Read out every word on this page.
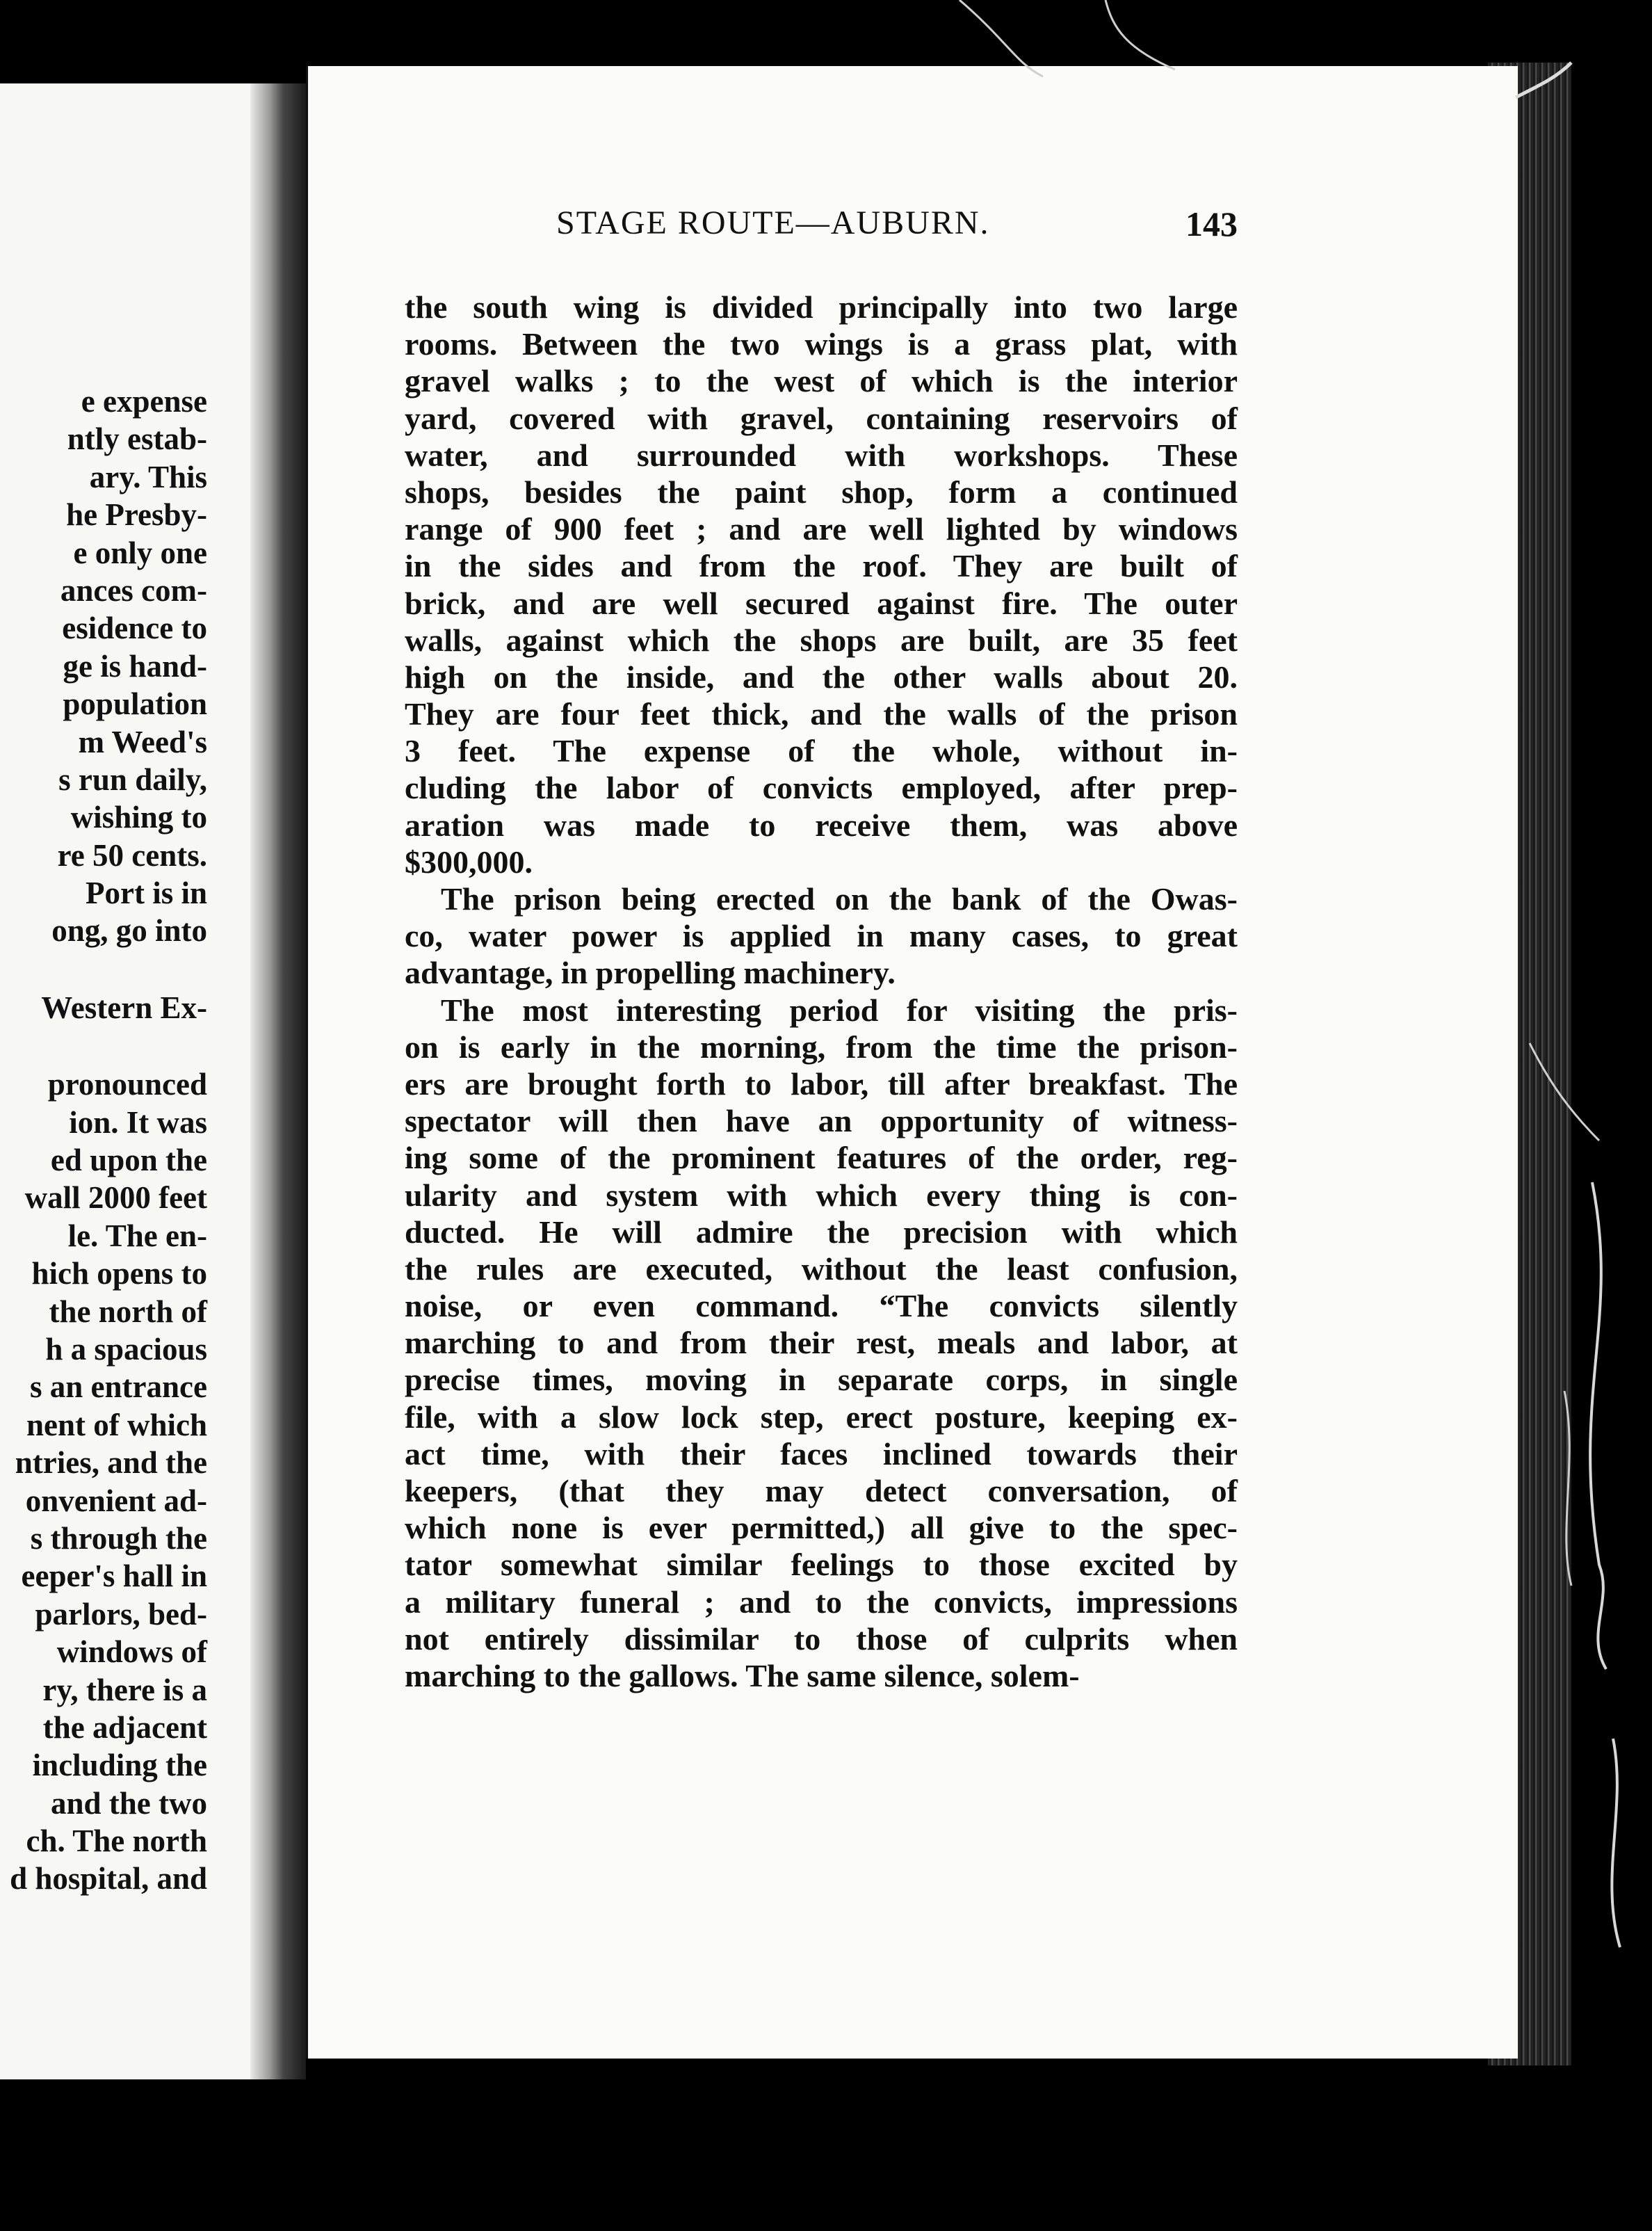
e expense
ntly estab-
ary. This
he Presby-
e only one
ances com-
esidence to
ge is hand-
population
m Weed's
s run daily,
wishing to
re 50 cents.
Port is in
ong, go into
Western Ex-
pronounced
ion. It was
ed upon the
wall 2000 feet
le. The en-
hich opens to
the north of
h a spacious
s an entrance
nent of which
ntries, and the
onvenient ad-
s through the
eeper's hall in
parlors, bed-
windows of
ry, there is a
the adjacent
including the
and the two
ch. The north
d hospital, and
STAGE ROUTE—AUBURN.	143
the south wing is divided principally into two large
rooms. Between the two wings is a grass plat, with
gravel walks ; to the west of which is the interior
yard, covered with gravel, containing reservoirs of
water, and surrounded with workshops. These
shops, besides the paint shop, form a continued
range of 900 feet ; and are well lighted by windows
in the sides and from the roof. They are built of
brick, and are well secured against fire. The outer
walls, against which the shops are built, are 35 feet
high on the inside, and the other walls about 20.
They are four feet thick, and the walls of the prison
3 feet. The expense of the whole, without in-
cluding the labor of convicts employed, after prep-
aration was made to receive them, was above
$300,000.
The prison being erected on the bank of the Owas-
co, water power is applied in many cases, to great
advantage, in propelling machinery.
The most interesting period for visiting the pris-
on is early in the morning, from the time the prison-
ers are brought forth to labor, till after breakfast. The
spectator will then have an opportunity of witness-
ing some of the prominent features of the order, reg-
ularity and system with which every thing is con-
ducted. He will admire the precision with which
the rules are executed, without the least confusion,
noise, or even command. “The convicts silently
marching to and from their rest, meals and labor, at
precise times, moving in separate corps, in single
file, with a slow lock step, erect posture, keeping ex-
act time, with their faces inclined towards their
keepers, (that they may detect conversation, of
which none is ever permitted,) all give to the spec-
tator somewhat similar feelings to those excited by
a military funeral ; and to the convicts, impressions
not entirely dissimilar to those of culprits when
marching to the gallows. The same silence, solem-
